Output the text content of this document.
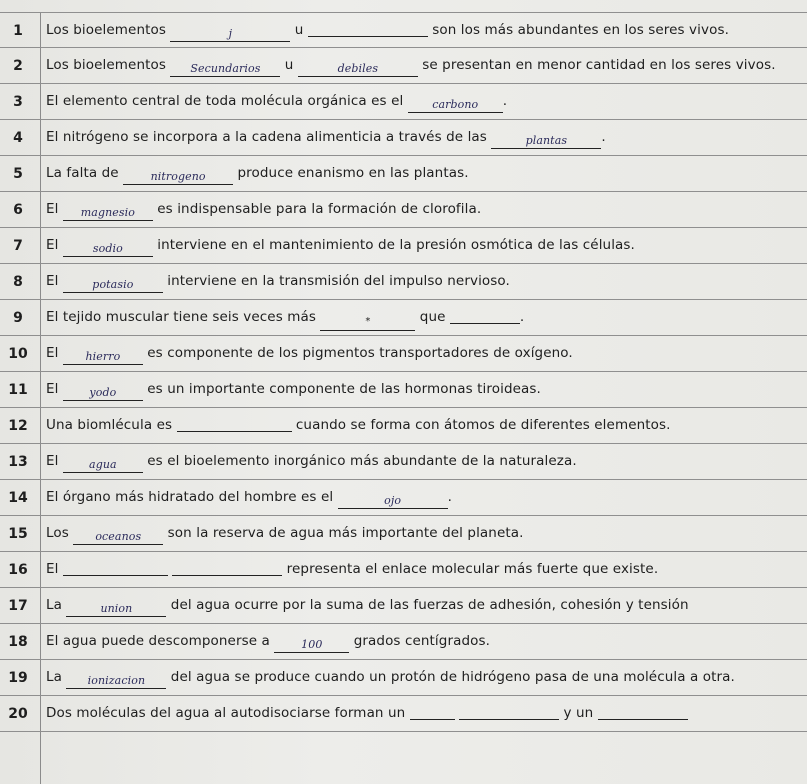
1	Los bioelementos	j	u	son los más abundantes en los seres vivos.
2	Los bioelementos Secundarios u	debiles	se presentan en menor cantidad en los seres vivos.
3	El elemento central de toda molécula orgánica es el carbono .
4	El nitrógeno se incorpora a la cadena alimenticia a través de las	plantas	.
5	La falta de nitrogeno produce enanismo en las plantas.
6	El magnesio es indispensable para la formación de clorofila.
7	El	sodio interviene en el mantenimiento de la presión osmótica de las células.
8	El	potasio interviene en la transmisión del impulso nervioso.
9	El tejido muscular tiene seis veces más	*	que	.
10	El hierro es componente de los pigmentos transportadores de oxígeno.
11	El yodo es un importante componente de las hormonas tiroideas.
12	Una biomlécula es	cuando se forma con átomos de diferentes elementos.
13	El agua es el bioelemento inorgánico más abundante de la naturaleza.
14	El órgano más hidratado del hombre es el	ojo	.
15	Los oceanos son la reserva de agua más importante del planeta.
16	El	representa el enlace molecular más fuerte que existe.
17	La	union	del agua ocurre por la suma de las fuerzas de adhesión, cohesión y tensión
18	El agua puede descomponerse a 100 grados centígrados.
19	La ionizacion del agua se produce cuando un protón de hidrógeno pasa de una molécula a otra.
20	Dos moléculas del agua al autodisociarse forman un	y un
